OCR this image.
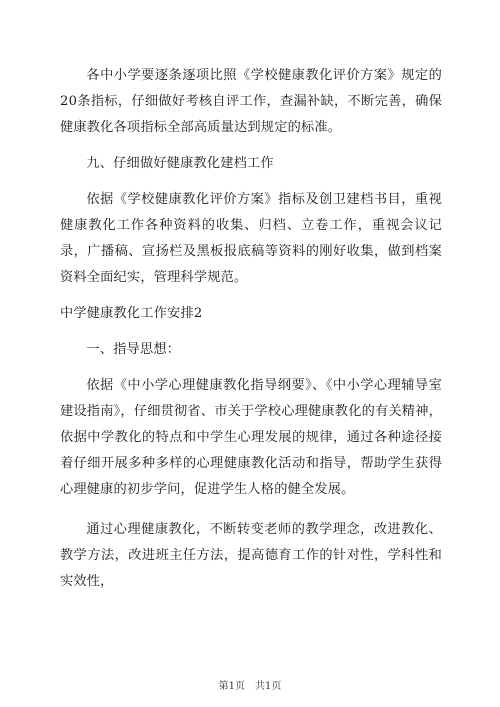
各中小学要逐条逐项比照《学校健康教化评价方案》规定的20条指标，仔细做好考核自评工作，查漏补缺，不断完善，确保健康教化各项指标全部高质量达到规定的标准。

九、仔细做好健康教化建档工作

依据《学校健康教化评价方案》指标及创卫建档书目，重视健康教化工作各种资料的收集、归档、立卷工作，重视会议记录，广播稿、宣扬栏及黑板报底稿等资料的刚好收集，做到档案资料全面纪实，管理科学规范。

中学健康教化工作安排2

一、指导思想：

依据《中小学心理健康教化指导纲要》、《中小学心理辅导室建设指南》，仔细贯彻省、市关于学校心理健康教化的有关精神，依据中学教化的特点和中学生心理发展的规律，通过各种途径接着仔细开展多种多样的心理健康教化活动和指导，帮助学生获得心理健康的初步学问，促进学生人格的健全发展。

通过心理健康教化，不断转变老师的教学理念，改进教化、教学方法，改进班主任方法，提高德育工作的针对性，学科性和实效性，

第1页　共1页
